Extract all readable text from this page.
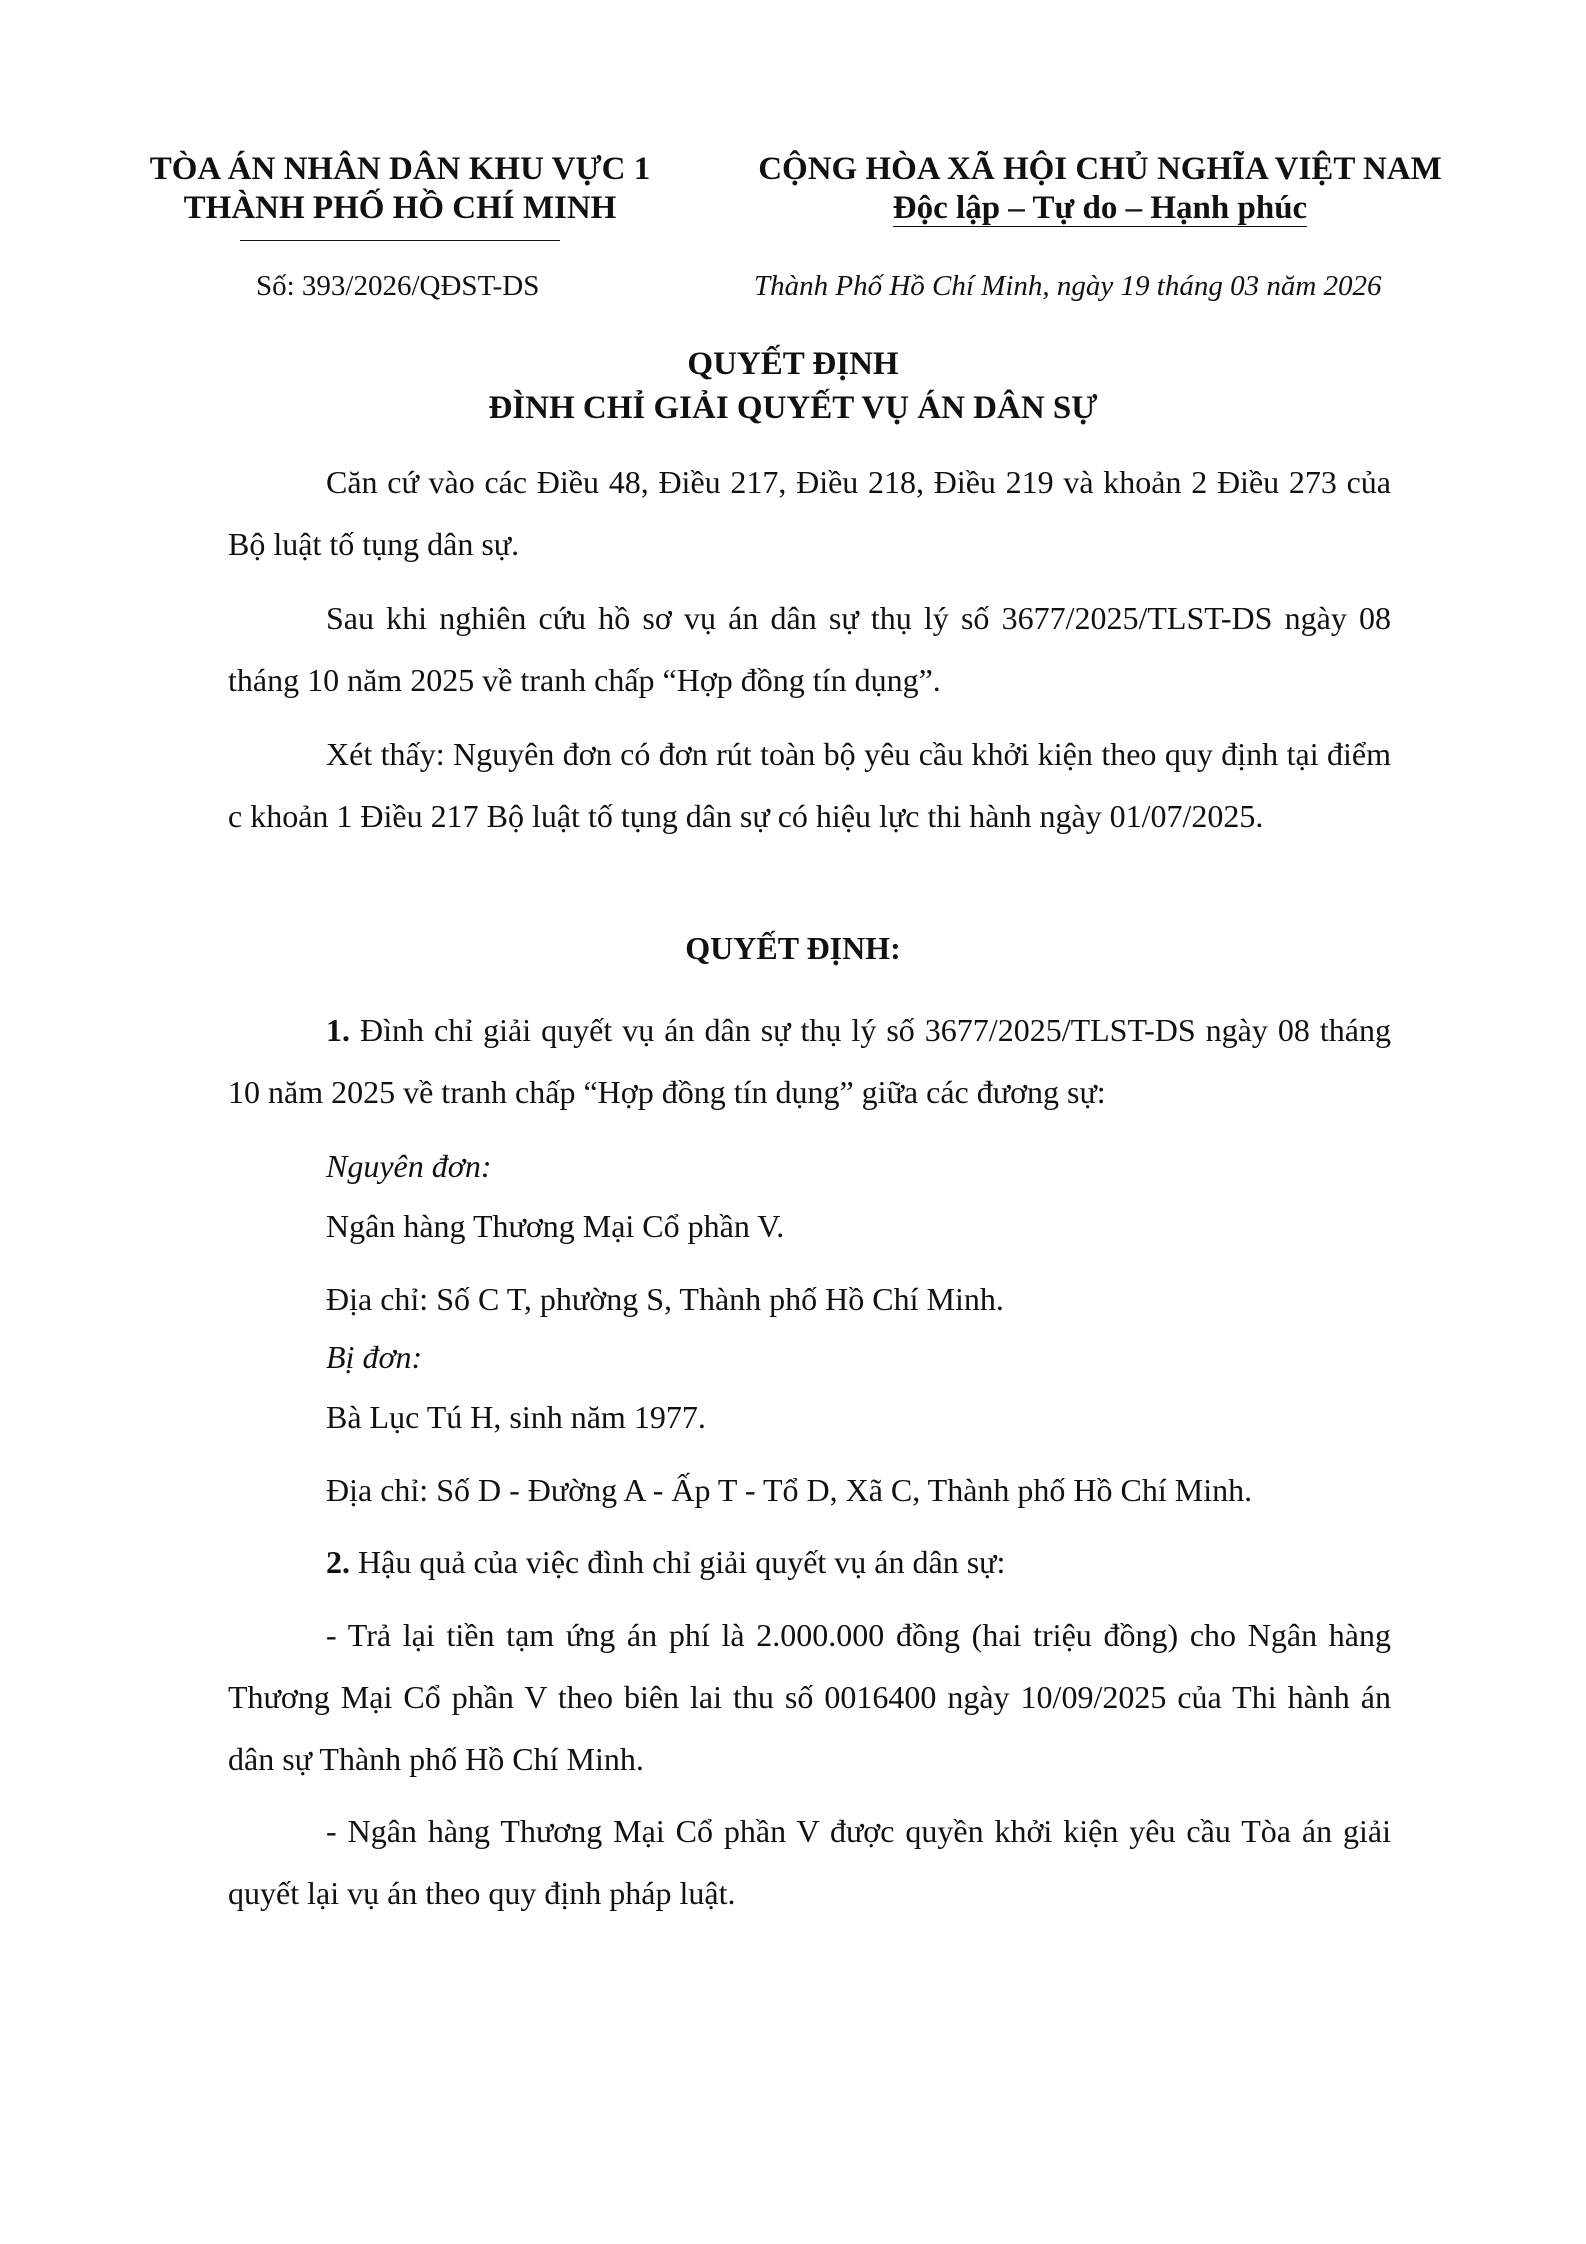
TÒA ÁN NHÂN DÂN KHU VỰC 1
THÀNH PHỐ HỒ CHÍ MINH
CỘNG HÒA XÃ HỘI CHỦ NGHĨA VIỆT NAM
Độc lập – Tự do – Hạnh phúc
Số: 393/2026/QĐST-DS	Thành Phố Hồ Chí Minh, ngày 19 tháng 03 năm 2026
QUYẾT ĐỊNH
ĐÌNH CHỈ GIẢI QUYẾT VỤ ÁN DÂN SỰ
Căn cứ vào các Điều 48, Điều 217, Điều 218, Điều 219 và khoản 2 Điều 273 của Bộ luật tố tụng dân sự.
Sau khi nghiên cứu hồ sơ vụ án dân sự thụ lý số 3677/2025/TLST-DS ngày 08 tháng 10 năm 2025 về tranh chấp “Hợp đồng tín dụng”.
Xét thấy: Nguyên đơn có đơn rút toàn bộ yêu cầu khởi kiện theo quy định tại điểm c khoản 1 Điều 217 Bộ luật tố tụng dân sự có hiệu lực thi hành ngày 01/07/2025.
QUYẾT ĐỊNH:
1. Đình chỉ giải quyết vụ án dân sự thụ lý số 3677/2025/TLST-DS ngày 08 tháng 10 năm 2025 về tranh chấp “Hợp đồng tín dụng” giữa các đương sự:
Nguyên đơn:
Ngân hàng Thương Mại Cổ phần V.
Địa chỉ: Số C T, phường S, Thành phố Hồ Chí Minh.
Bị đơn:
Bà Lục Tú H, sinh năm 1977.
Địa chỉ: Số D - Đường A - Ấp T - Tổ D, Xã C, Thành phố Hồ Chí Minh.
2. Hậu quả của việc đình chỉ giải quyết vụ án dân sự:
- Trả lại tiền tạm ứng án phí là 2.000.000 đồng (hai triệu đồng) cho Ngân hàng Thương Mại Cổ phần V theo biên lai thu số 0016400 ngày 10/09/2025 của Thi hành án dân sự Thành phố Hồ Chí Minh.
- Ngân hàng Thương Mại Cổ phần V được quyền khởi kiện yêu cầu Tòa án giải quyết lại vụ án theo quy định pháp luật.
